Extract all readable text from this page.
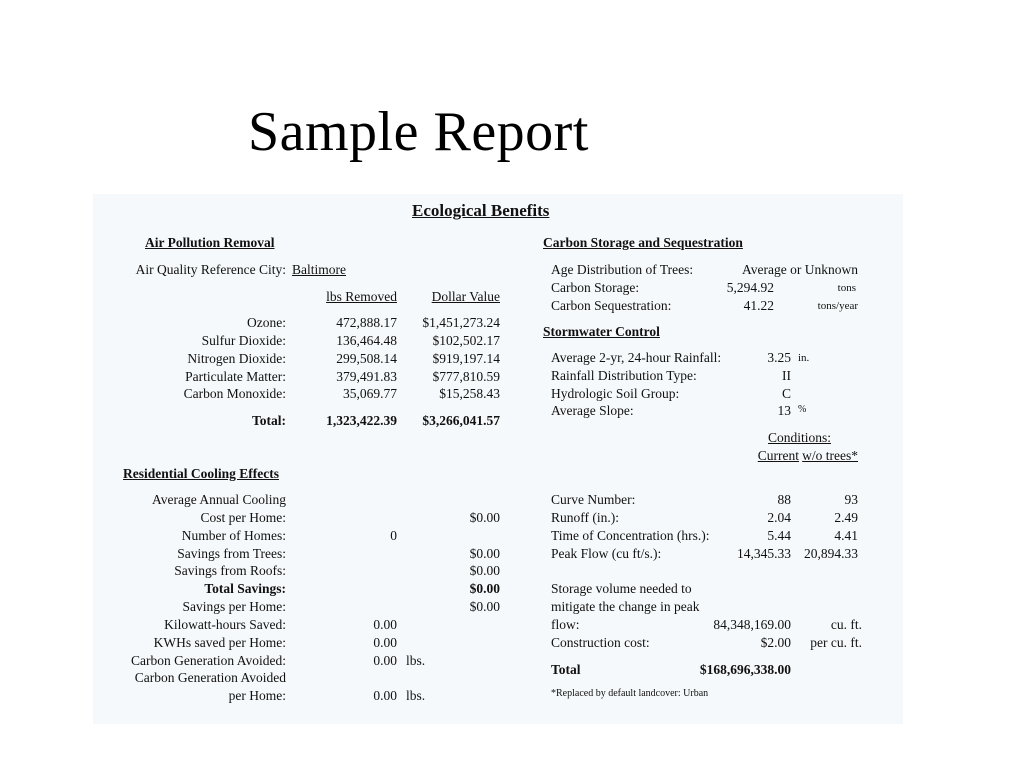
Sample Report
Ecological Benefits
Air Pollution Removal
Air Quality Reference City: Baltimore
lbs Removed	Dollar Value
Ozone:	472,888.17 $1,451,273.24
Sulfur Dioxide:	136,464.48	$102,502.17
Nitrogen Dioxide:	299,508.14	$919,197.14
Particulate Matter:	379,491.83	$777,810.59
Carbon Monoxide:	35,069.77	$15,258.43
Total:	1,323,422.39 $3,266,041.57
Residential Cooling Effects
Average Annual Cooling
Cost per Home:	$0.00
Number of Homes:	0
Savings from Trees:	$0.00
Savings from Roofs:	$0.00
Total Savings:	$0.00
Savings per Home:	$0.00
Kilowatt-hours Saved:	0.00
KWHs saved per Home:	0.00
Carbon Generation Avoided:	0.00 lbs.
Carbon Generation Avoided
per Home:	0.00 lbs.
Carbon Storage and Sequestration
Age Distribution of Trees:	Average or Unknown
Carbon Storage:	5,294.92	tons
Carbon Sequestration:	41.22	tons/year
Stormwater Control
Average 2-yr, 24-hour Rainfall:	3.25 in.
Rainfall Distribution Type:	II
Hydrologic Soil Group:	C
Average Slope:	13 %
Conditions:
Current w/o trees*
Curve Number:	88	93
Runoff (in.):	2.04	2.49
Time of Concentration (hrs.):	5.44	4.41
Peak Flow (cu ft/s.):	14,345.33 20,894.33
Storage volume needed to
mitigate the change in peak
flow:	84,348,169.00	cu. ft.
Construction cost:	$2.00 per cu. ft.
Total	$168,696,338.00
*Replaced by default landcover: Urban
